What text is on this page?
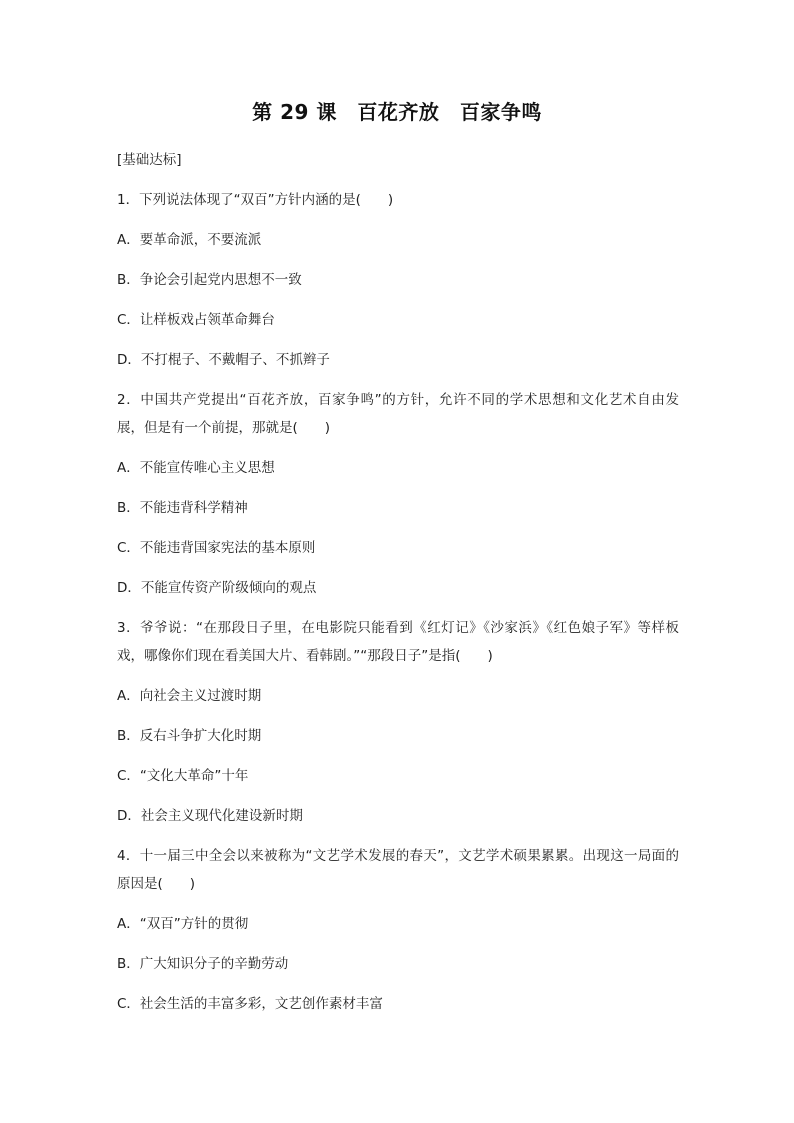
第 29 课　 百花齐放　 百家争鸣
[基础达标]
1．下列说法体现了“双百”方针内涵的是(　　)
A．要革命派，不要流派
B．争论会引起党内思想不一致
C．让样板戏占领革命舞台
D．不打棍子、不戴帽子、不抓辫子
2．中国共产党提出“百花齐放，百家争鸣”的方针，允许不同的学术思想和文化艺术自由发展，但是有一个前提，那就是(　　)
A．不能宣传唯心主义思想
B．不能违背科学精神
C．不能违背国家宪法的基本原则
D．不能宣传资产阶级倾向的观点
3．爷爷说：“在那段日子里，在电影院只能看到《红灯记》《沙家浜》《红色娘子军》等样板戏，哪像你们现在看美国大片、看韩剧。”“那段日子”是指(　　)
A．向社会主义过渡时期
B．反右斗争扩大化时期
C．“文化大革命”十年
D．社会主义现代化建设新时期
4．十一届三中全会以来被称为“文艺学术发展的春天”，文艺学术硕果累累。出现这一局面的原因是(　　)
A．“双百”方针的贯彻
B．广大知识分子的辛勤劳动
C．社会生活的丰富多彩，文艺创作素材丰富
